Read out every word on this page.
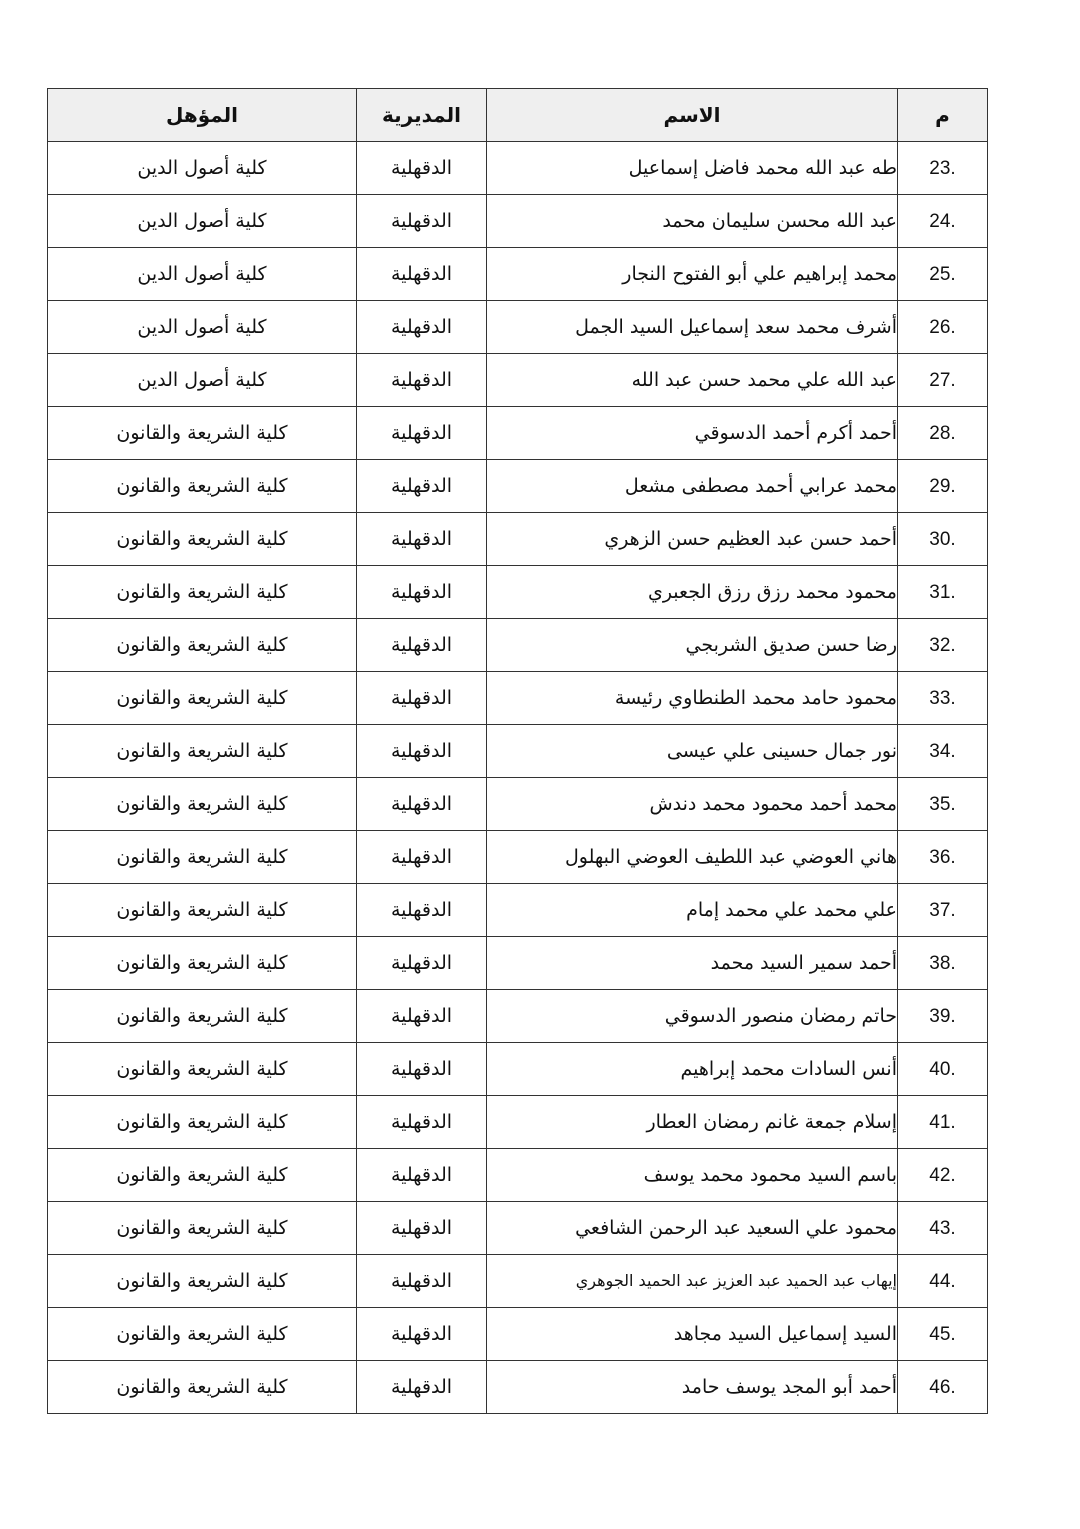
م	الاسم	المديرية	المؤهل
23.	طه عبد الله محمد فاضل إسماعيل	الدقهلية	كلية أصول الدين
24.	عبد الله محسن سليمان محمد	الدقهلية	كلية أصول الدين
25.	محمد إبراهيم علي أبو الفتوح النجار	الدقهلية	كلية أصول الدين
26.	أشرف محمد سعد إسماعيل السيد الجمل	الدقهلية	كلية أصول الدين
27.	عبد الله علي محمد حسن عبد الله	الدقهلية	كلية أصول الدين
28.	أحمد أكرم أحمد الدسوقي	الدقهلية	كلية الشريعة والقانون
29.	محمد عرابي أحمد مصطفى مشعل	الدقهلية	كلية الشريعة والقانون
30.	أحمد حسن عبد العظيم حسن الزهري	الدقهلية	كلية الشريعة والقانون
31.	محمود محمد رزق رزق الجعبري	الدقهلية	كلية الشريعة والقانون
32.	رضا حسن صديق الشربجي	الدقهلية	كلية الشريعة والقانون
33.	محمود حامد محمد الطنطاوي رئيسة	الدقهلية	كلية الشريعة والقانون
34.	نور جمال حسينى علي عيسى	الدقهلية	كلية الشريعة والقانون
35.	محمد أحمد محمود محمد دندش	الدقهلية	كلية الشريعة والقانون
36.	هاني العوضي عبد اللطيف العوضي البهلول	الدقهلية	كلية الشريعة والقانون
37.	علي محمد علي محمد إمام	الدقهلية	كلية الشريعة والقانون
38.	أحمد سمير السيد محمد	الدقهلية	كلية الشريعة والقانون
39.	حاتم رمضان منصور الدسوقي	الدقهلية	كلية الشريعة والقانون
40.	أنس السادات محمد إبراهيم	الدقهلية	كلية الشريعة والقانون
41.	إسلام جمعة غانم رمضان العطار	الدقهلية	كلية الشريعة والقانون
42.	باسم السيد محمود محمد يوسف	الدقهلية	كلية الشريعة والقانون
43.	محمود علي السعيد عبد الرحمن الشافعي	الدقهلية	كلية الشريعة والقانون
44.	إيهاب عبد الحميد عبد العزيز عبد الحميد الجوهري	الدقهلية	كلية الشريعة والقانون
45.	السيد إسماعيل السيد مجاهد	الدقهلية	كلية الشريعة والقانون
46.	أحمد أبو المجد يوسف حامد	الدقهلية	كلية الشريعة والقانون
